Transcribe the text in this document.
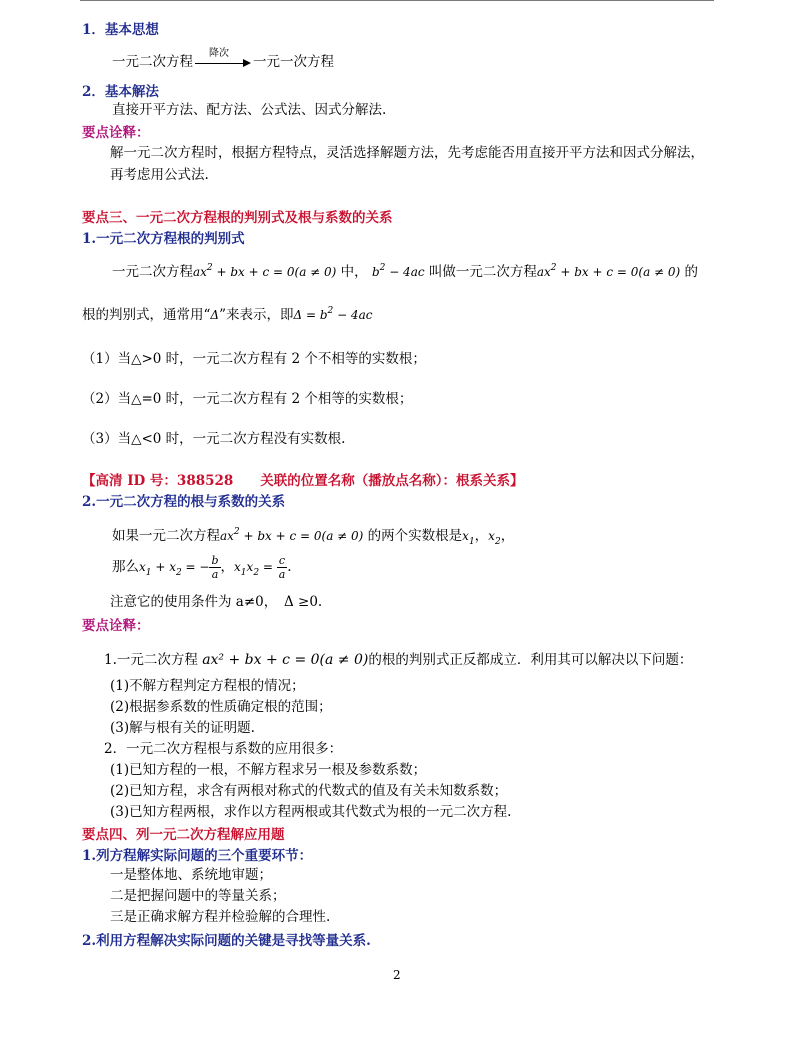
1．基本思想
一元二次方程
降次
一元一次方程
2．基本解法
直接开平方法、配方法、公式法、因式分解法.
要点诠释：
解一元二次方程时，根据方程特点，灵活选择解题方法，先考虑能否用直接开平方法和因式分解法，再考虑用公式法.
要点三、一元二次方程根的判别式及根与系数的关系
1.一元二次方程根的判别式
一元二次方程$ax^2$ + bx + c = 0(a ≠ 0) 中， $b^2 - 4ac$ 叫做一元二次方程$ax^2$ + bx + c = 0(a ≠ 0) 的
根的判别式，通常用“Δ”来表示，即$\Delta = b^2 - 4ac$
（1）当△>0 时，一元二次方程有 2 个不相等的实数根；
（2）当△=0 时，一元二次方程有 2 个相等的实数根；
（3）当△<0 时，一元二次方程没有实数根.
【高清 ID 号：388528　　关联的位置名称（播放点名称）：根系关系】
2.一元二次方程的根与系数的关系
如果一元二次方程$ax^2$ + bx + c = 0(a ≠ 0) 的两个实数根是$x_1$，$x_2$，
那么$x_1 + x_2$ = − $\frac{b}{a}$ ，$x_1x_2 = \frac{c}{a}$ .
注意它的使用条件为 a≠0，　Δ ≥0.
要点诠释：
1.一元二次方程 ax² + bx + c = 0(a ≠ 0)的根的判别式正反都成立．利用其可以解决以下问题：
(1)不解方程判定方程根的情况；
(2)根据参系数的性质确定根的范围；
(3)解与根有关的证明题.
2．一元二次方程根与系数的应用很多：
(1)已知方程的一根，不解方程求另一根及参数系数；
(2)已知方程，求含有两根对称式的代数式的值及有关未知数系数；
(3)已知方程两根，求作以方程两根或其代数式为根的一元二次方程.
要点四、列一元二次方程解应用题
1.列方程解实际问题的三个重要环节：
一是整体地、系统地审题；
二是把握问题中的等量关系；
三是正确求解方程并检验解的合理性.
2.利用方程解决实际问题的关键是寻找等量关系.
2
